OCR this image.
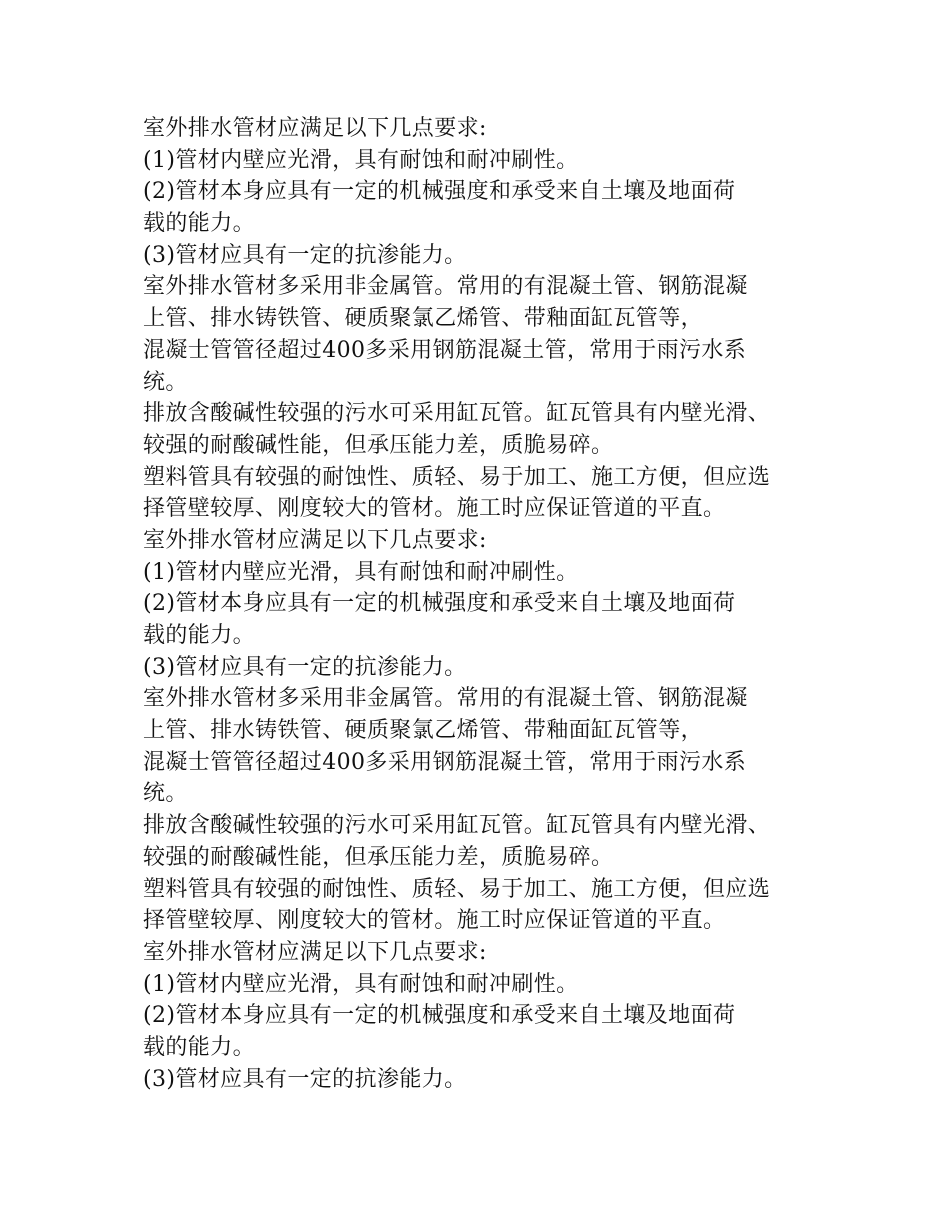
室外排水管材应满足以下几点要求:
(1)管材内壁应光滑，具有耐蚀和耐冲刷性。
(2)管材本身应具有一定的机械强度和承受来自土壤及地面荷
载的能力。
(3)管材应具有一定的抗渗能力。
室外排水管材多采用非金属管。常用的有混凝土管、钢筋混凝
上管、排水铸铁管、硬质聚氯乙烯管、带釉面缸瓦管等，
混凝士管管径超过400多采用钢筋混凝土管，常用于雨污水系
统。
排放含酸碱性较强的污水可采用缸瓦管。缸瓦管具有内壁光滑、
较强的耐酸碱性能，但承压能力差，质脆易碎。
塑料管具有较强的耐蚀性、质轻、易于加工、施工方便，但应选
择管壁较厚、刚度较大的管材。施工时应保证管道的平直。
室外排水管材应满足以下几点要求:
(1)管材内壁应光滑，具有耐蚀和耐冲刷性。
(2)管材本身应具有一定的机械强度和承受来自土壤及地面荷
载的能力。
(3)管材应具有一定的抗渗能力。
室外排水管材多采用非金属管。常用的有混凝土管、钢筋混凝
上管、排水铸铁管、硬质聚氯乙烯管、带釉面缸瓦管等，
混凝士管管径超过400多采用钢筋混凝土管，常用于雨污水系
统。
排放含酸碱性较强的污水可采用缸瓦管。缸瓦管具有内壁光滑、
较强的耐酸碱性能，但承压能力差，质脆易碎。
塑料管具有较强的耐蚀性、质轻、易于加工、施工方便，但应选
择管壁较厚、刚度较大的管材。施工时应保证管道的平直。
室外排水管材应满足以下几点要求:
(1)管材内壁应光滑，具有耐蚀和耐冲刷性。
(2)管材本身应具有一定的机械强度和承受来自土壤及地面荷
载的能力。
(3)管材应具有一定的抗渗能力。
